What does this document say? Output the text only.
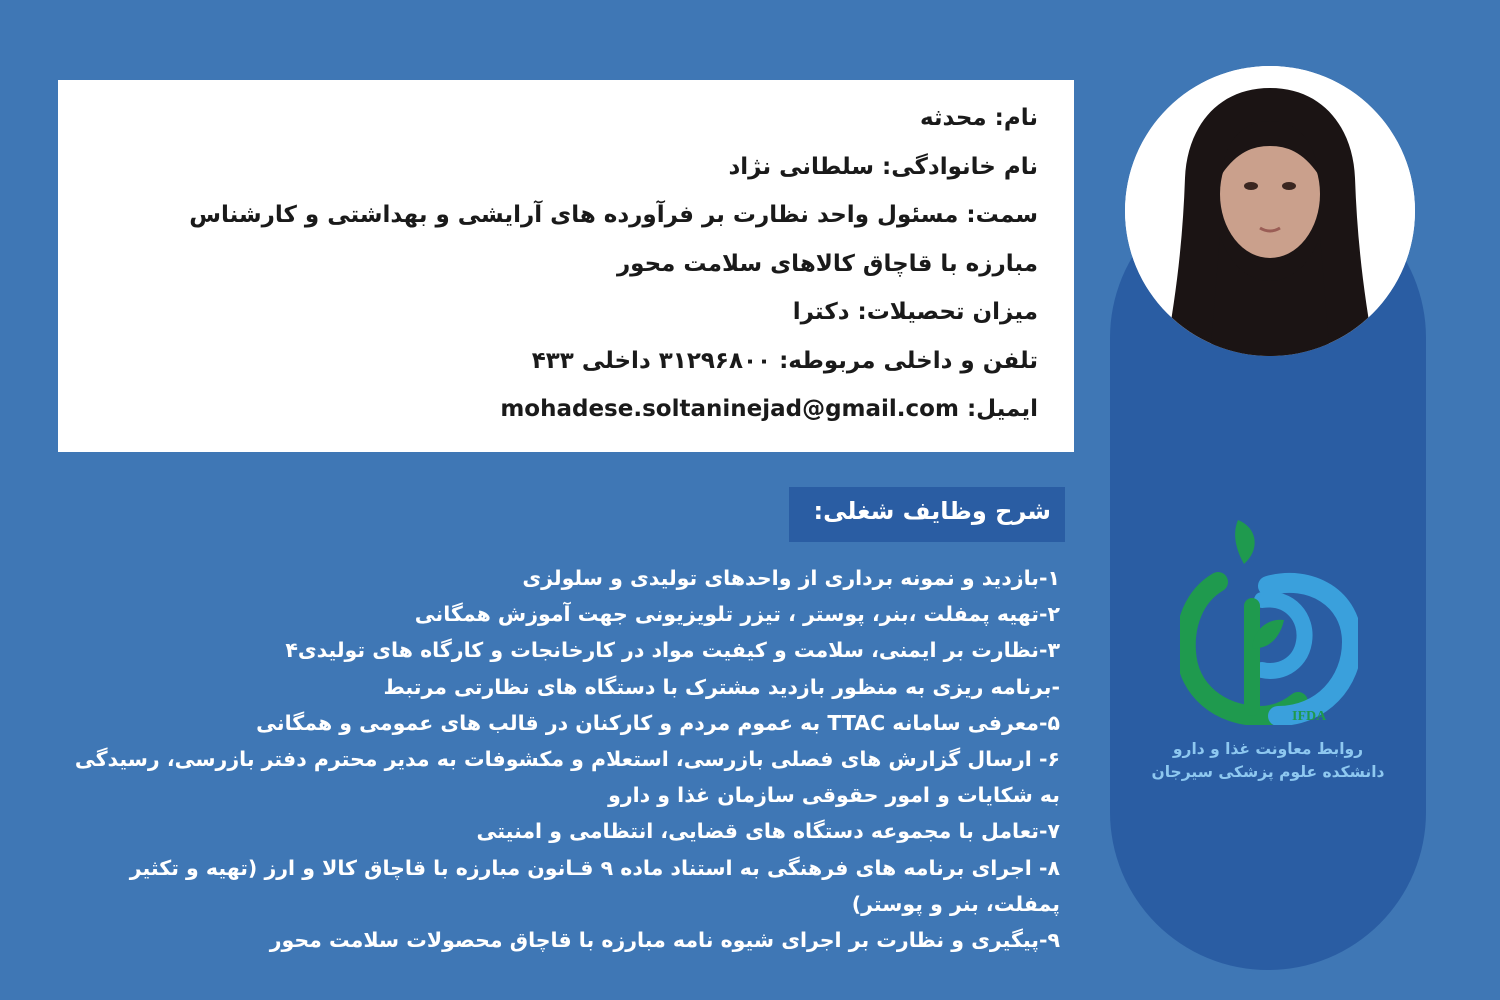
نام: محدثه
نام خانوادگی: سلطانی نژاد
سمت: مسئول واحد نظارت بر فرآورده های آرایشی و بهداشتی و کارشناس
مبارزه با قاچاق کالاهای سلامت محور
میزان تحصیلات: دکترا
تلفن و داخلی مربوطه: ۳۱۲۹۶۸۰۰ داخلی ۴۳۳
ایمیل: mohadese.soltaninejad@gmail.com
شرح وظایف شغلی:
۱-بازدید و نمونه برداری از واحدهای تولیدی و سلولزی
۲-تهیه پمفلت ،بنر، پوستر ، تیزر تلویزیونی جهت آموزش همگانی
۳-نظارت بر ایمنی، سلامت و کیفیت مواد در کارخانجات و کارگاه های تولیدی۴
-برنامه ریزی به منظور بازدید مشترک با دستگاه های نظارتی مرتبط
۵-معرفی سامانه TTAC به عموم مردم و کارکنان در قالب های عمومی و همگانی
۶- ارسال گزارش های فصلی بازرسی، استعلام و مکشوفات به مدیر محترم دفتر بازرسی، رسیدگی
به شکایات و امور حقوقی سازمان غذا و دارو
۷-تعامل با مجموعه دستگاه های قضایی، انتظامی و امنیتی
۸- اجرای برنامه های فرهنگی به استناد ماده ۹ قـانون مبارزه با قاچاق کالا و ارز (تهیه و تکثیر
پمفلت، بنر و پوستر)
۹-پیگیری و نظارت بر اجرای شیوه نامه مبارزه با قاچاق محصولات سلامت محور
IFDA
روابط معاونت غذا و دارو
دانشکده علوم پزشکی سیرجان
